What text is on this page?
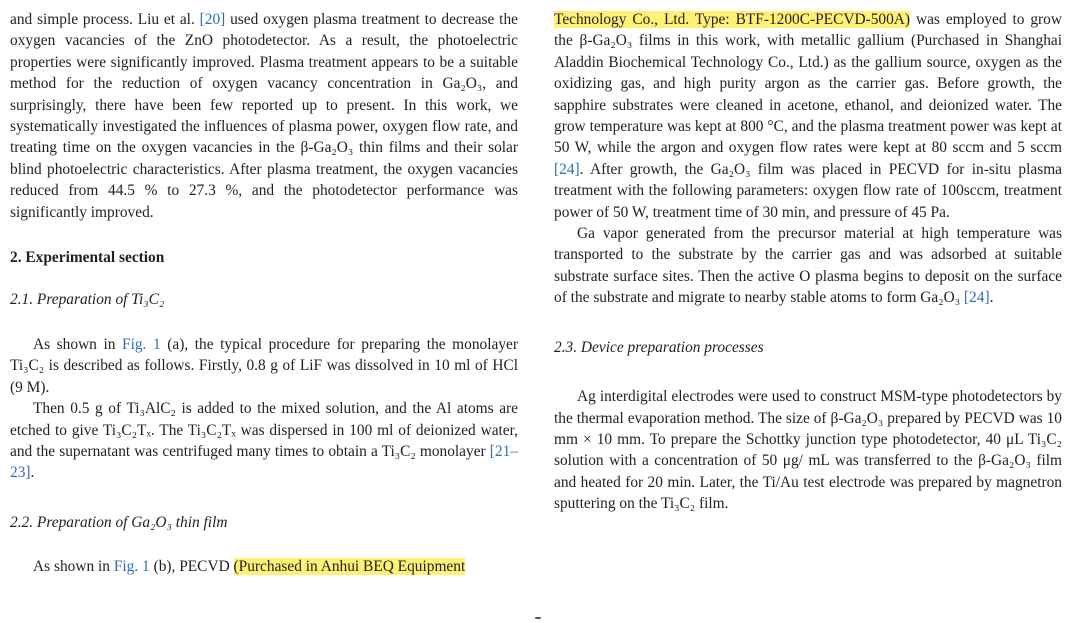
and simple process. Liu et al. [20] used oxygen plasma treatment to decrease the oxygen vacancies of the ZnO photodetector. As a result, the photoelectric properties were significantly improved. Plasma treatment appears to be a suitable method for the reduction of oxygen vacancy concentration in Ga₂O₃, and surprisingly, there have been few reported up to present. In this work, we systematically investigated the influences of plasma power, oxygen flow rate, and treating time on the oxygen vacancies in the β-Ga₂O₃ thin films and their solar blind photoelectric characteristics. After plasma treatment, the oxygen vacancies reduced from 44.5 % to 27.3 %, and the photodetector performance was significantly improved.

2. Experimental section

2.1. Preparation of Ti₃C₂

As shown in Fig. 1 (a), the typical procedure for preparing the monolayer Ti₃C₂ is described as follows. Firstly, 0.8 g of LiF was dissolved in 10 ml of HCl (9 M).

Then 0.5 g of Ti₃AlC₂ is added to the mixed solution, and the Al atoms are etched to give Ti₃C₂Tₓ. The Ti₃C₂Tₓ was dispersed in 100 ml of deionized water, and the supernatant was centrifuged many times to obtain a Ti₃C₂ monolayer [21–23].

2.2. Preparation of Ga₂O₃ thin film

As shown in Fig. 1 (b), PECVD (Purchased in Anhui BEQ Equipment

Technology Co., Ltd. Type: BTF-1200C-PECVD-500A) was employed to grow the β-Ga₂O₃ films in this work, with metallic gallium (Purchased in Shanghai Aladdin Biochemical Technology Co., Ltd.) as the gallium source, oxygen as the oxidizing gas, and high purity argon as the carrier gas. Before growth, the sapphire substrates were cleaned in acetone, ethanol, and deionized water. The grow temperature was kept at 800 °C, and the plasma treatment power was kept at 50 W, while the argon and oxygen flow rates were kept at 80 sccm and 5 sccm [24]. After growth, the Ga₂O₃ film was placed in PECVD for in-situ plasma treatment with the following parameters: oxygen flow rate of 100sccm, treatment power of 50 W, treatment time of 30 min, and pressure of 45 Pa.

Ga vapor generated from the precursor material at high temperature was transported to the substrate by the carrier gas and was adsorbed at suitable substrate surface sites. Then the active O plasma begins to deposit on the surface of the substrate and migrate to nearby stable atoms to form Ga₂O₃ [24].

2.3. Device preparation processes

Ag interdigital electrodes were used to construct MSM-type photodetectors by the thermal evaporation method. The size of β-Ga₂O₃ prepared by PECVD was 10 mm × 10 mm. To prepare the Schottky junction type photodetector, 40 μL Ti₃C₂ solution with a concentration of 50 μg/ mL was transferred to the β-Ga₂O₃ film and heated for 20 min. Later, the Ti/Au test electrode was prepared by magnetron sputtering on the Ti₃C₂ film.
